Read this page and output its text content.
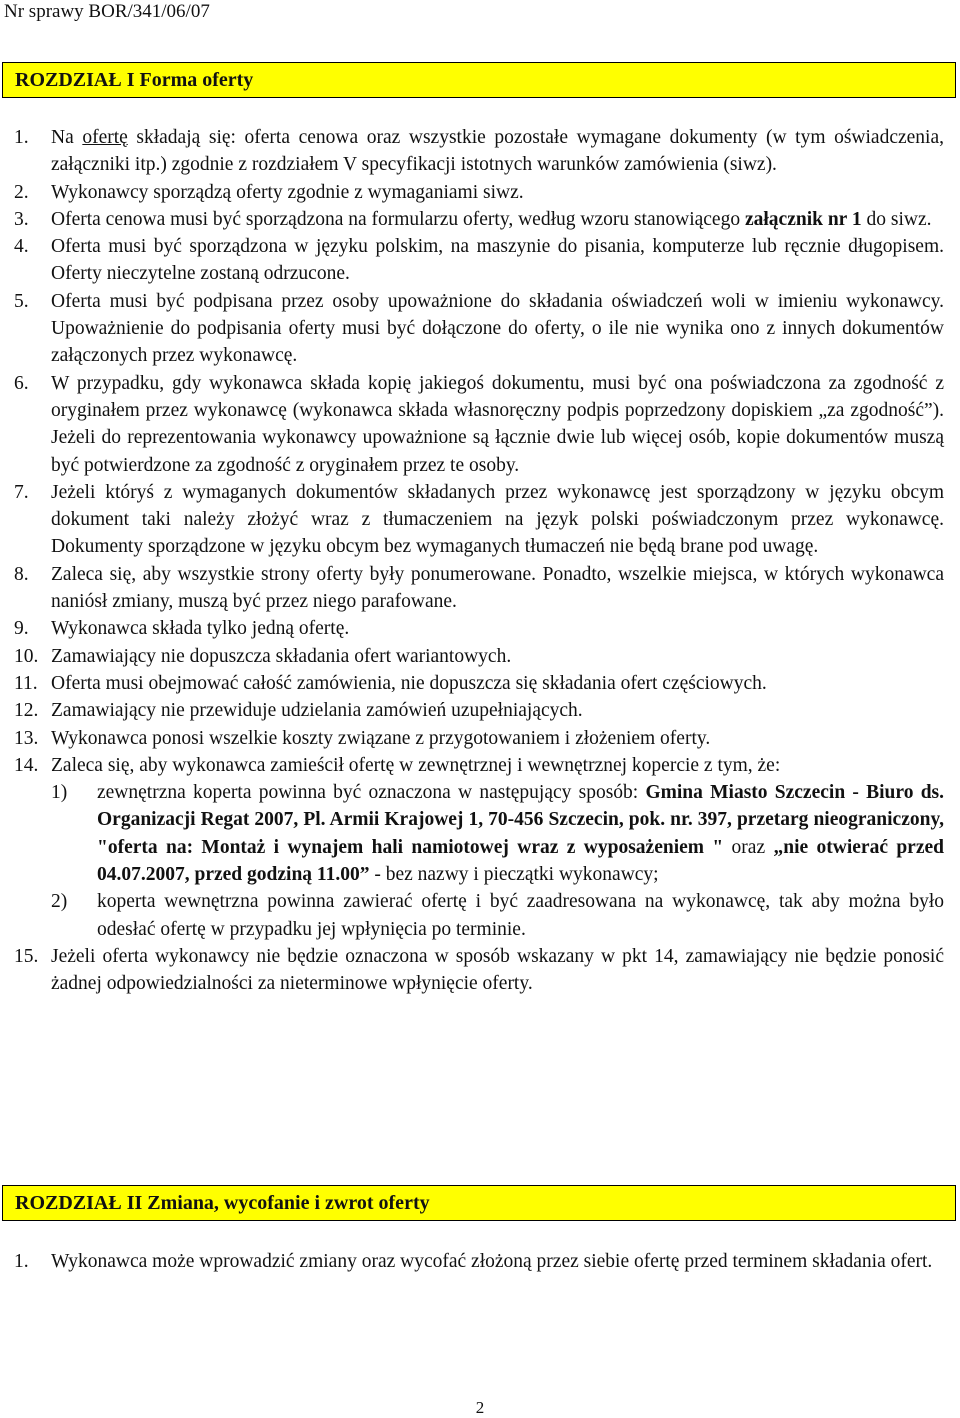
Nr sprawy BOR/341/06/07
ROZDZIAŁ I Forma oferty
1.	Na ofertę składają się: oferta cenowa oraz wszystkie pozostałe wymagane dokumenty (w tym oświadczenia, załączniki itp.) zgodnie z rozdziałem V specyfikacji istotnych warunków zamówienia (siwz).
2.	Wykonawcy sporządzą oferty zgodnie z wymaganiami siwz.
3.	Oferta cenowa musi być sporządzona na formularzu oferty, według wzoru stanowiącego załącznik nr 1 do siwz.
4.	Oferta musi być sporządzona w języku polskim, na maszynie do pisania, komputerze lub ręcznie długopisem. Oferty nieczytelne zostaną odrzucone.
5.	Oferta musi być podpisana przez osoby upoważnione do składania oświadczeń woli w imieniu wykonawcy. Upoważnienie do podpisania oferty musi być dołączone do oferty, o ile nie wynika ono z innych dokumentów załączonych przez wykonawcę.
6.	W przypadku, gdy wykonawca składa kopię jakiegoś dokumentu, musi być ona poświadczona za zgodność z oryginałem przez wykonawcę (wykonawca składa własnoręczny podpis poprzedzony dopiskiem „za zgodność”). Jeżeli do reprezentowania wykonawcy upoważnione są łącznie dwie lub więcej osób, kopie dokumentów muszą być potwierdzone za zgodność z oryginałem przez te osoby.
7.	Jeżeli któryś z wymaganych dokumentów składanych przez wykonawcę jest sporządzony w języku obcym dokument taki należy złożyć wraz z tłumaczeniem na język polski poświadczonym przez wykonawcę. Dokumenty sporządzone w języku obcym bez wymaganych tłumaczeń nie będą brane pod uwagę.
8.	Zaleca się, aby wszystkie strony oferty były ponumerowane. Ponadto, wszelkie miejsca, w których wykonawca naniósł zmiany, muszą być przez niego parafowane.
9.	Wykonawca składa tylko jedną ofertę.
10. Zamawiający nie dopuszcza składania ofert wariantowych.
11. Oferta musi obejmować całość zamówienia, nie dopuszcza się składania ofert częściowych.
12. Zamawiający nie przewiduje udzielania zamówień uzupełniających.
13. Wykonawca ponosi wszelkie koszty związane z przygotowaniem i złożeniem oferty.
14. Zaleca się, aby wykonawca zamieścił ofertę w zewnętrznej i wewnętrznej kopercie z tym, że:
1)	zewnętrzna koperta powinna być oznaczona w następujący sposób: Gmina Miasto Szczecin - Biuro ds. Organizacji Regat 2007, Pl. Armii Krajowej 1, 70-456 Szczecin, pok. nr. 397, przetarg nieograniczony, "oferta na: Montaż i wynajem hali namiotowej wraz z wyposażeniem " oraz „nie otwierać przed 04.07.2007, przed godziną 11.00” - bez nazwy i pieczątki wykonawcy;
2)	koperta wewnętrzna powinna zawierać ofertę i być zaadresowana na wykonawcę, tak aby można było odesłać ofertę w przypadku jej wpłynięcia po terminie.
15. Jeżeli oferta wykonawcy nie będzie oznaczona w sposób wskazany w pkt 14, zamawiający nie będzie ponosić żadnej odpowiedzialności za nieterminowe wpłynięcie oferty.
ROZDZIAŁ II Zmiana, wycofanie i zwrot oferty
1.	Wykonawca może wprowadzić zmiany oraz wycofać złożoną przez siebie ofertę przed terminem składania ofert.
2
